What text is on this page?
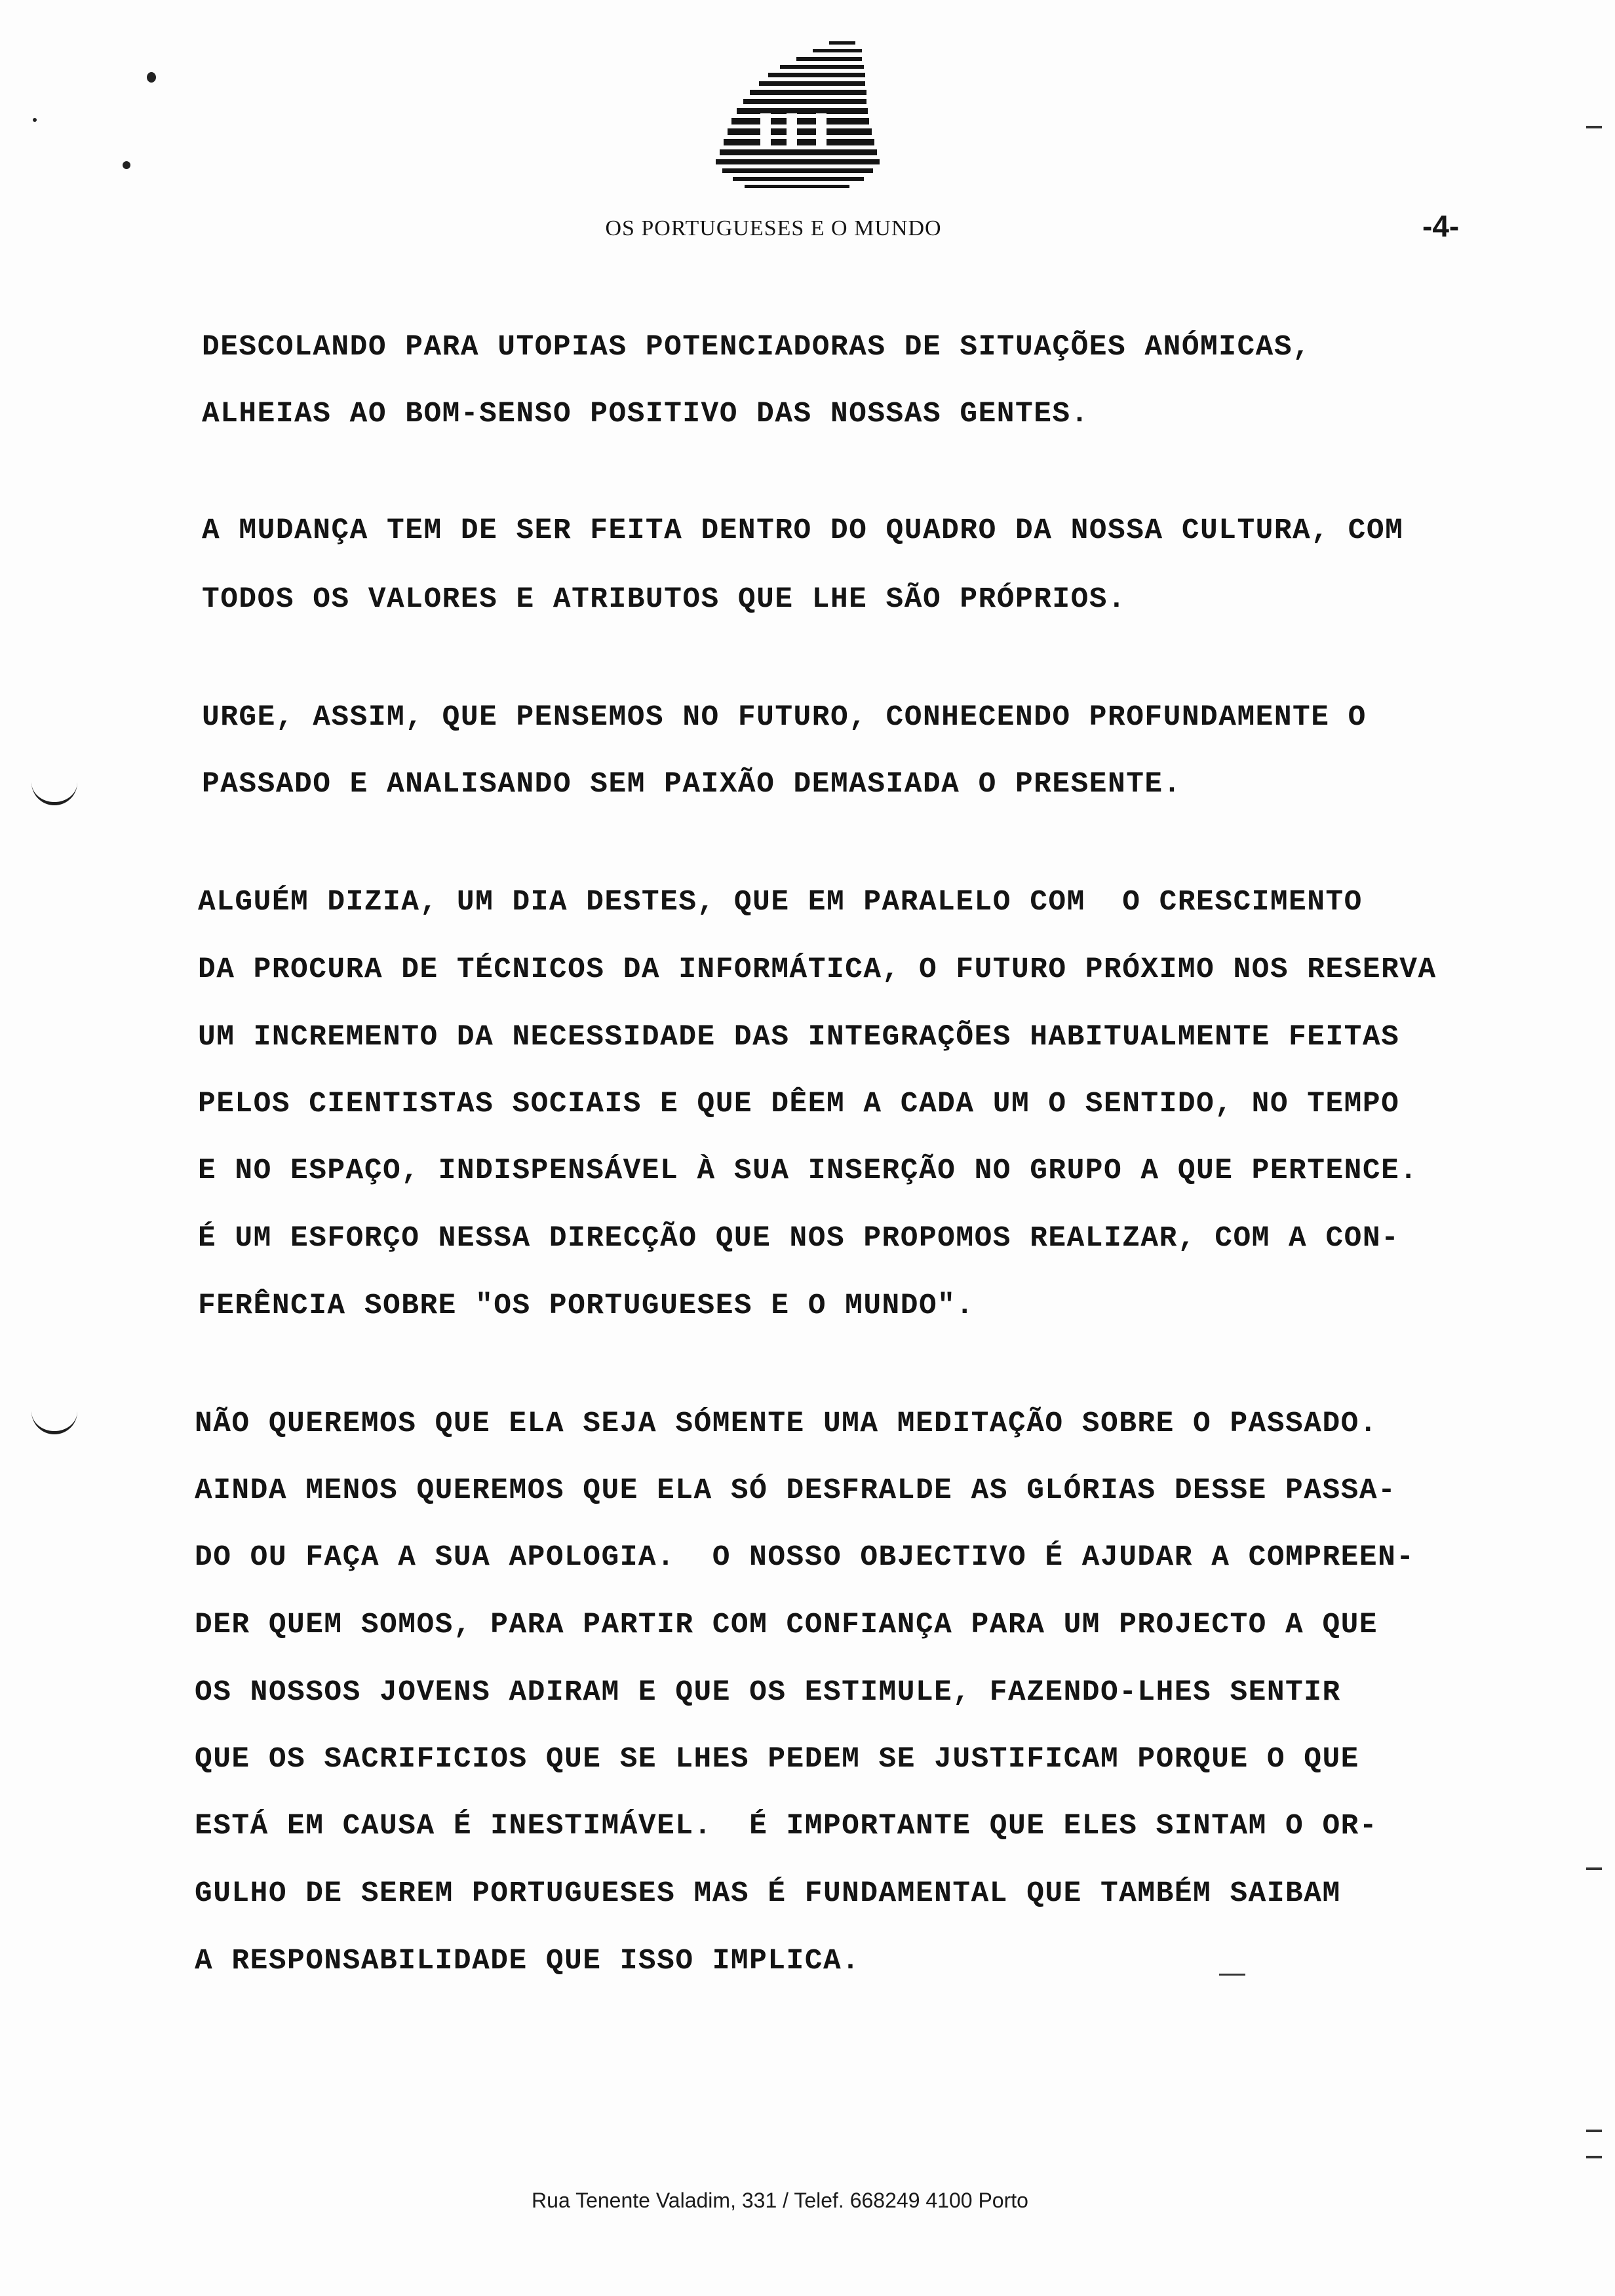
OS PORTUGUESES E O MUNDO	-4-
DESCOLANDO PARA UTOPIAS POTENCIADORAS DE SITUAÇÕES ANÓMICAS,
ALHEIAS AO BOM-SENSO POSITIVO DAS NOSSAS GENTES.
A MUDANÇA TEM DE SER FEITA DENTRO DO QUADRO DA NOSSA CULTURA, COM
TODOS OS VALORES E ATRIBUTOS QUE LHE SÃO PRÓPRIOS.
URGE, ASSIM, QUE PENSEMOS NO FUTURO, CONHECENDO PROFUNDAMENTE O
PASSADO E ANALISANDO SEM PAIXÃO DEMASIADA O PRESENTE.
ALGUÉM DIZIA, UM DIA DESTES, QUE EM PARALELO COM  O CRESCIMENTO
DA PROCURA DE TÉCNICOS DA INFORMÁTICA, O FUTURO PRÓXIMO NOS RESERVA
UM INCREMENTO DA NECESSIDADE DAS INTEGRAÇÕES HABITUALMENTE FEITAS
PELOS CIENTISTAS SOCIAIS E QUE DÊEM A CADA UM O SENTIDO, NO TEMPO
E NO ESPAÇO, INDISPENSÁVEL À SUA INSERÇÃO NO GRUPO A QUE PERTENCE.
É UM ESFORÇO NESSA DIRECÇÃO QUE NOS PROPOMOS REALIZAR, COM A CON-
FERÊNCIA SOBRE "OS PORTUGUESES E O MUNDO".
NÃO QUEREMOS QUE ELA SEJA SÓMENTE UMA MEDITAÇÃO SOBRE O PASSADO.
AINDA MENOS QUEREMOS QUE ELA SÓ DESFRALDE AS GLÓRIAS DESSE PASSA-
DO OU FAÇA A SUA APOLOGIA.  O NOSSO OBJECTIVO É AJUDAR A COMPREEN-
DER QUEM SOMOS, PARA PARTIR COM CONFIANÇA PARA UM PROJECTO A QUE
OS NOSSOS JOVENS ADIRAM E QUE OS ESTIMULE, FAZENDO-LHES SENTIR
QUE OS SACRIFICIOS QUE SE LHES PEDEM SE JUSTIFICAM PORQUE O QUE
ESTÁ EM CAUSA É INESTIMÁVEL.  É IMPORTANTE QUE ELES SINTAM O OR-
GULHO DE SEREM PORTUGUESES MAS É FUNDAMENTAL QUE TAMBÉM SAIBAM
A RESPONSABILIDADE QUE ISSO IMPLICA.
Rua Tenente Valadim, 331 / Telef. 668249 4100 Porto
